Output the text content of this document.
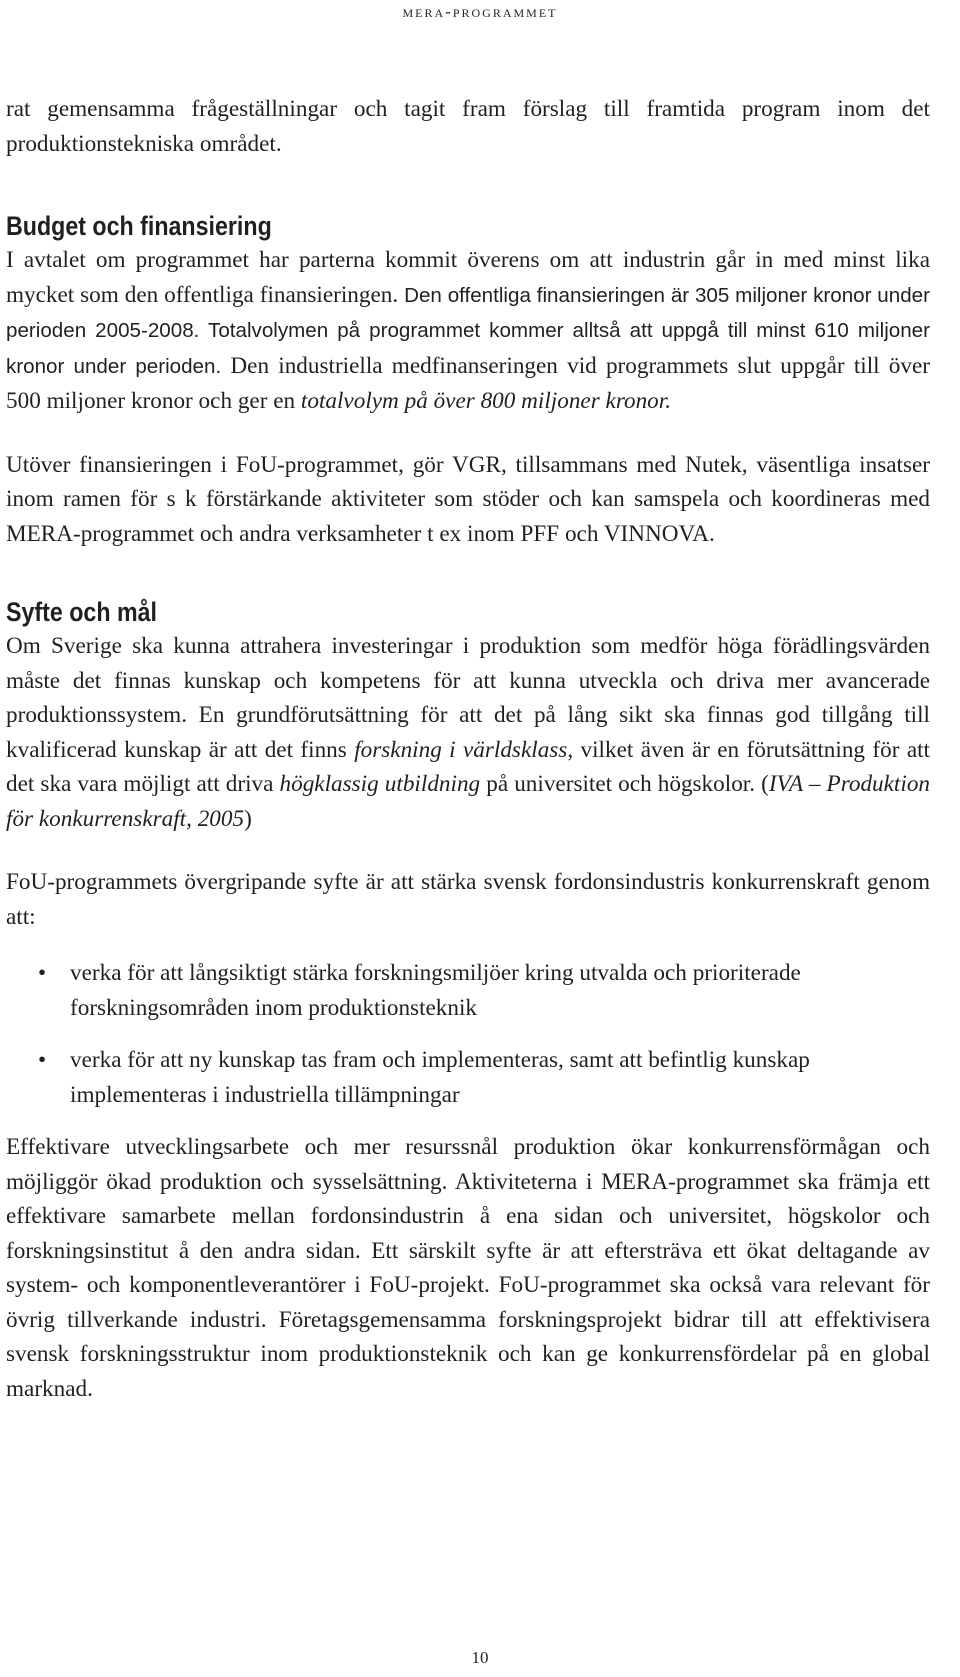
mera-programmet

rat gemensamma frågeställningar och tagit fram förslag till framtida program inom det produktionstekniska området.

Budget och finansiering

I avtalet om programmet har parterna kommit överens om att industrin går in med minst lika mycket som den offentliga finansieringen. Den offentliga finansieringen är 305 miljoner kronor under perioden 2005-2008. Totalvolymen på programmet kommer alltså att uppgå till minst 610 miljoner kronor under perioden. Den industriella medfinanseringen vid programmets slut uppgår till över 500 miljoner kronor och ger en totalvolym på över 800 miljoner kronor.

Utöver finansieringen i FoU-programmet, gör VGR, tillsammans med Nutek, väsentliga insatser inom ramen för s k förstärkande aktiviteter som stöder och kan samspela och koordineras med MERA-programmet och andra verksamheter t ex inom PFF och VINNOVA.

Syfte och mål

Om Sverige ska kunna attrahera investeringar i produktion som medför höga förädlingsvärden måste det finnas kunskap och kompetens för att kunna utveckla och driva mer avancerade produktionssystem. En grundförutsättning för att det på lång sikt ska finnas god tillgång till kvalificerad kunskap är att det finns forskning i världsklass, vilket även är en förutsättning för att det ska vara möjligt att driva högklassig utbildning på universitet och högskolor. (IVA – Produktion för konkurrenskraft, 2005)

FoU-programmets övergripande syfte är att stärka svensk fordonsindustris konkurrenskraft genom att:

• verka för att långsiktigt stärka forskningsmiljöer kring utvalda och prioriterade forskningsområden inom produktionsteknik
• verka för att ny kunskap tas fram och implementeras, samt att befintlig kunskap implementeras i industriella tillämpningar

Effektivare utvecklingsarbete och mer resurssnål produktion ökar konkurrensförmågan och möjliggör ökad produktion och sysselsättning. Aktiviteterna i MERA-programmet ska främja ett effektivare samarbete mellan fordonsindustrin å ena sidan och universitet, högskolor och forskningsinstitut å den andra sidan. Ett särskilt syfte är att eftersträva ett ökat deltagande av system- och komponentleverantörer i FoU-projekt. FoU-programmet ska också vara relevant för övrig tillverkande industri. Företagsgemensamma forskningsprojekt bidrar till att effektivisera svensk forskningsstruktur inom produktionsteknik och kan ge konkurrensfördelar på en global marknad.

10
